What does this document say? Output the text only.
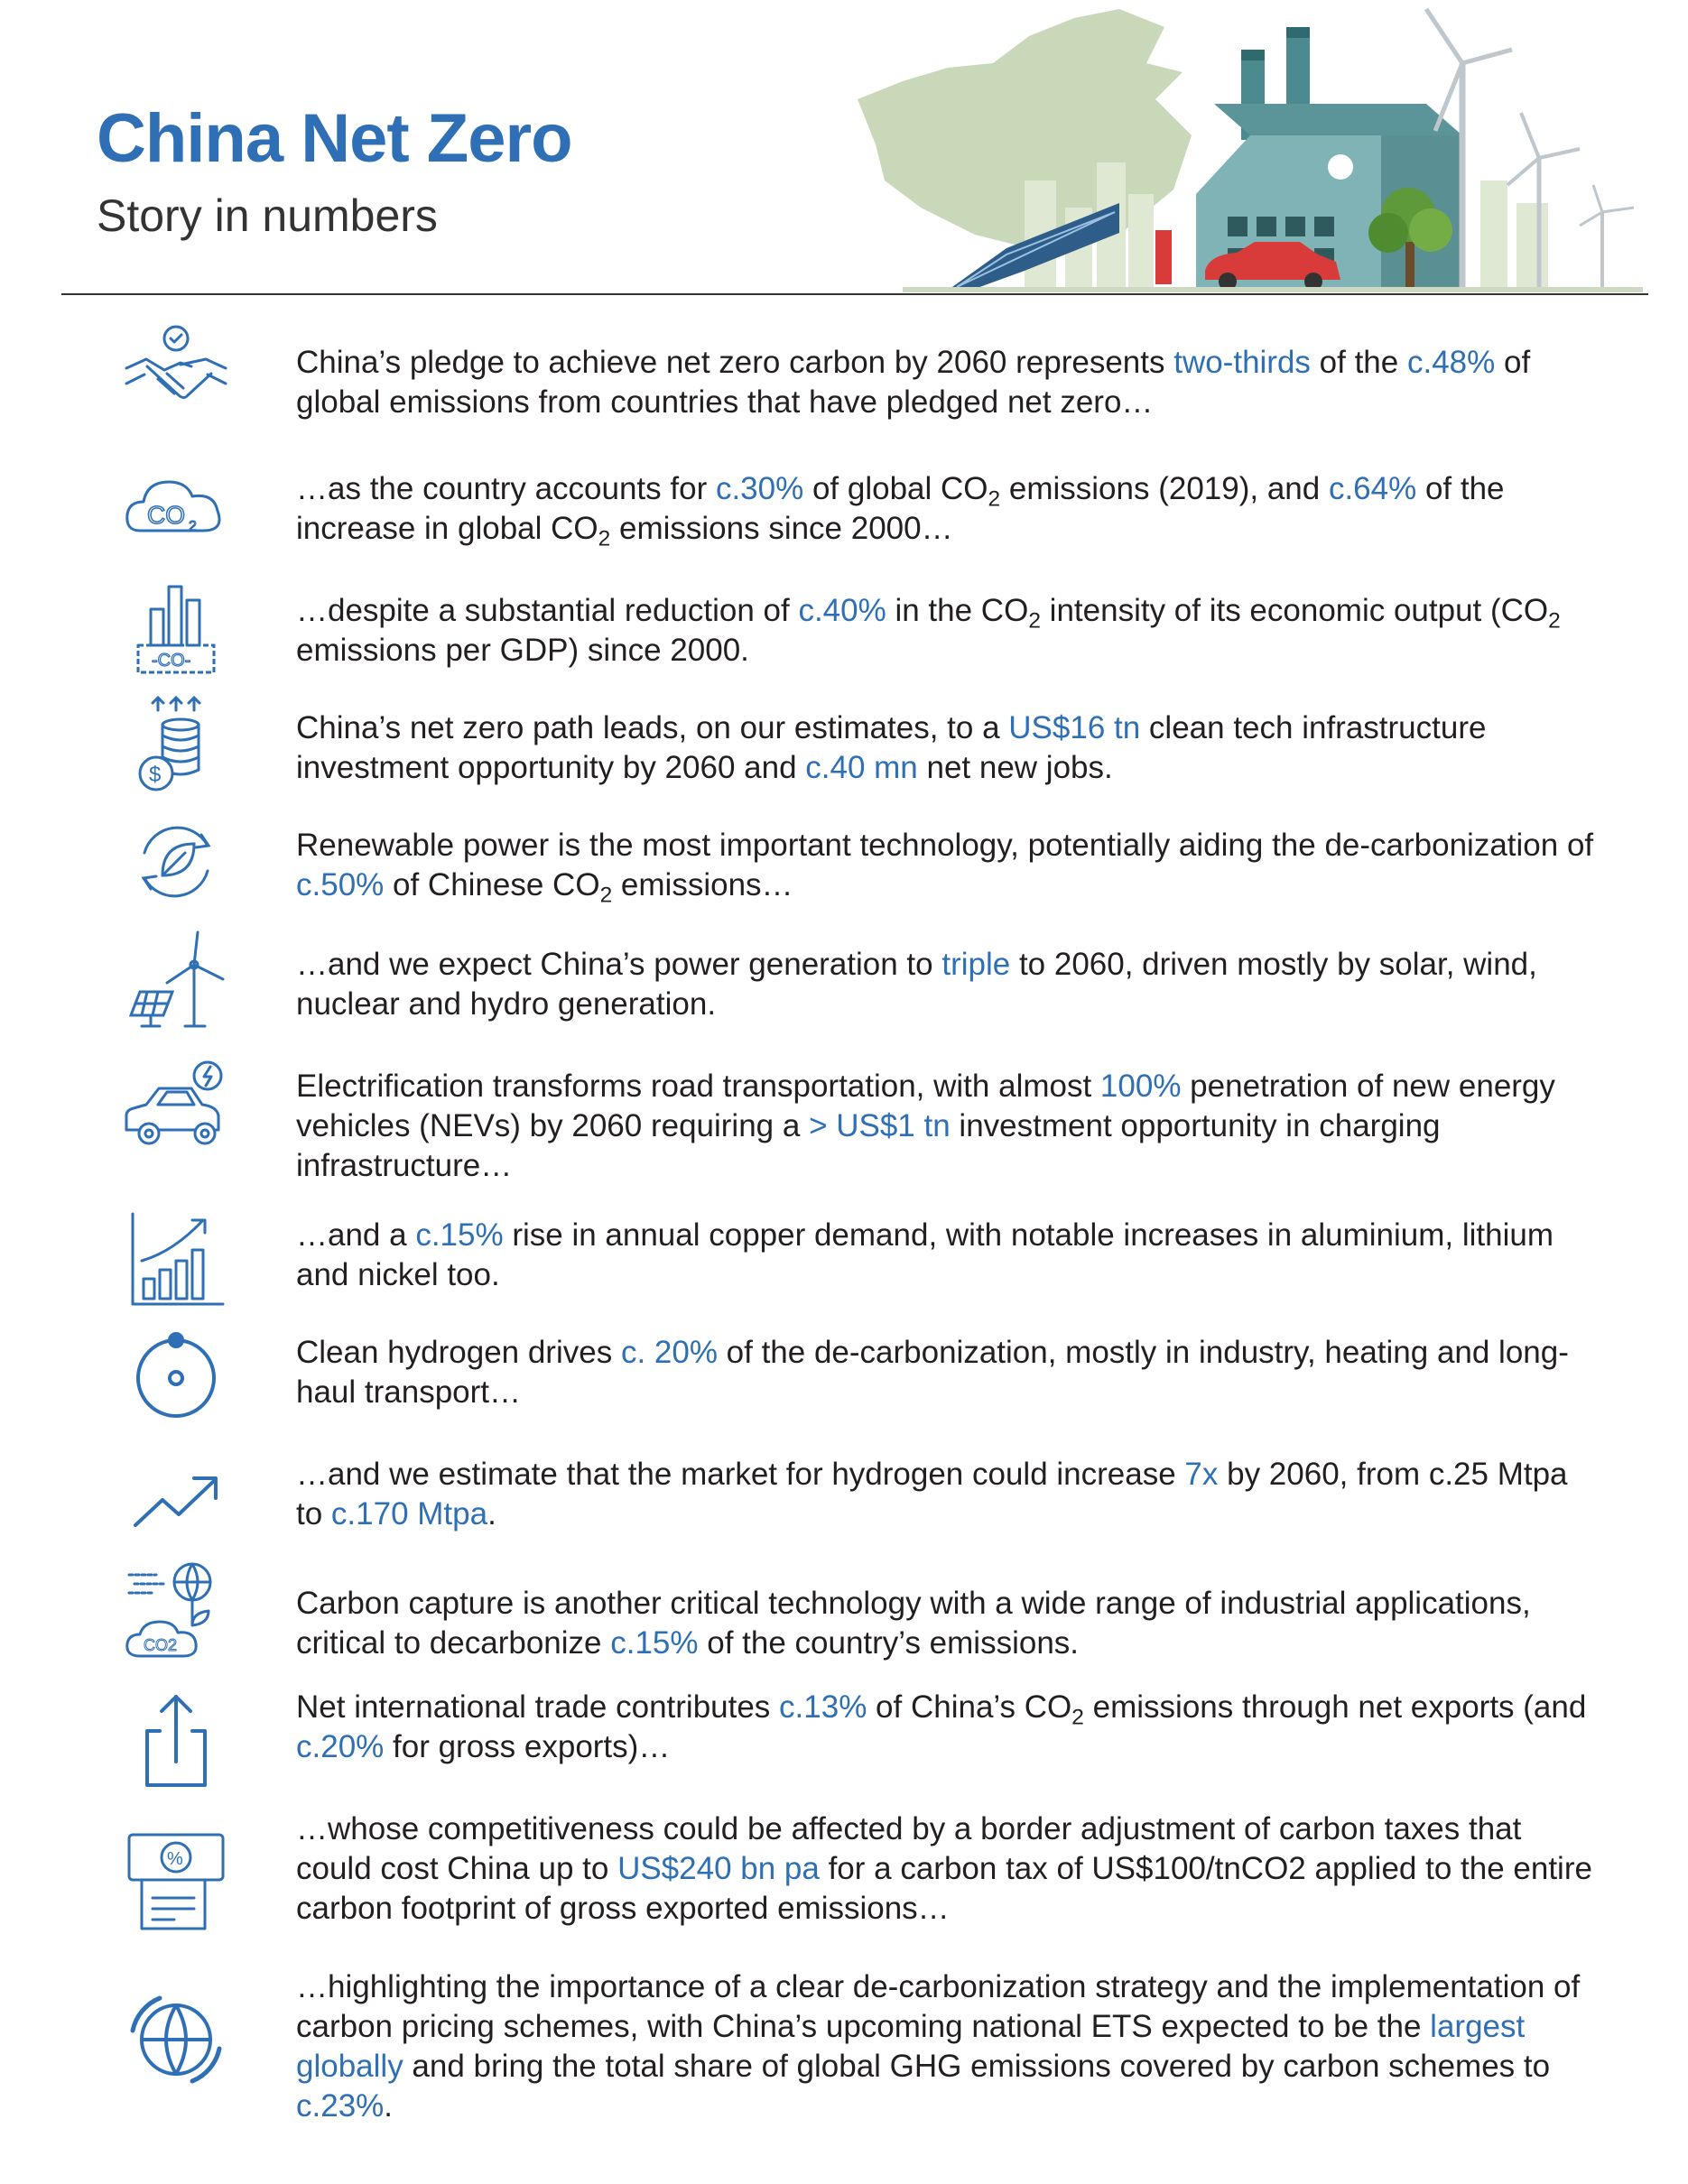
China Net Zero
Story in numbers
China’s pledge to achieve net zero carbon by 2060 represents two-thirds of the c.48% of global emissions from countries that have pledged net zero…
CO 2
…as the country accounts for c.30% of global $CO_2$ emissions (2019), and c.64% of the increase in global $CO_2$ emissions since 2000…
-CO-
…despite a substantial reduction of c.40% in the $CO_2$ intensity of its economic output ($CO_2$ emissions per GDP) since 2000.
$
China’s net zero path leads, on our estimates, to a US$16 tn clean tech infrastructure investment opportunity by 2060 and c.40 mn net new jobs.
Renewable power is the most important technology, potentially aiding the de-carbonization of c.50% of Chinese $CO_2$ emissions…
…and we expect China’s power generation to triple to 2060, driven mostly by solar, wind, nuclear and hydro generation.
Electrification transforms road transportation, with almost 100% penetration of new energy vehicles (NEVs) by 2060 requiring a > US$1 tn investment opportunity in charging infrastructure…
…and a c.15% rise in annual copper demand, with notable increases in aluminium, lithium and nickel too.
Clean hydrogen drives c. 20% of the de-carbonization, mostly in industry, heating and long-haul transport…
…and we estimate that the market for hydrogen could increase 7x by 2060, from c.25 Mtpa to c.170 Mtpa.
CO2
Carbon capture is another critical technology with a wide range of industrial applications, critical to decarbonize c.15% of the country’s emissions.
Net international trade contributes c.13% of China’s $CO_2$ emissions through net exports (and c.20% for gross exports)…
%
…whose competitiveness could be affected by a border adjustment of carbon taxes that could cost China up to US$240 bn pa for a carbon tax of US$100/tnCO2 applied to the entire carbon footprint of gross exported emissions…
…highlighting the importance of a clear de-carbonization strategy and the implementation of carbon pricing schemes, with China’s upcoming national ETS expected to be the largest globally and bring the total share of global GHG emissions covered by carbon schemes to c.23%.
